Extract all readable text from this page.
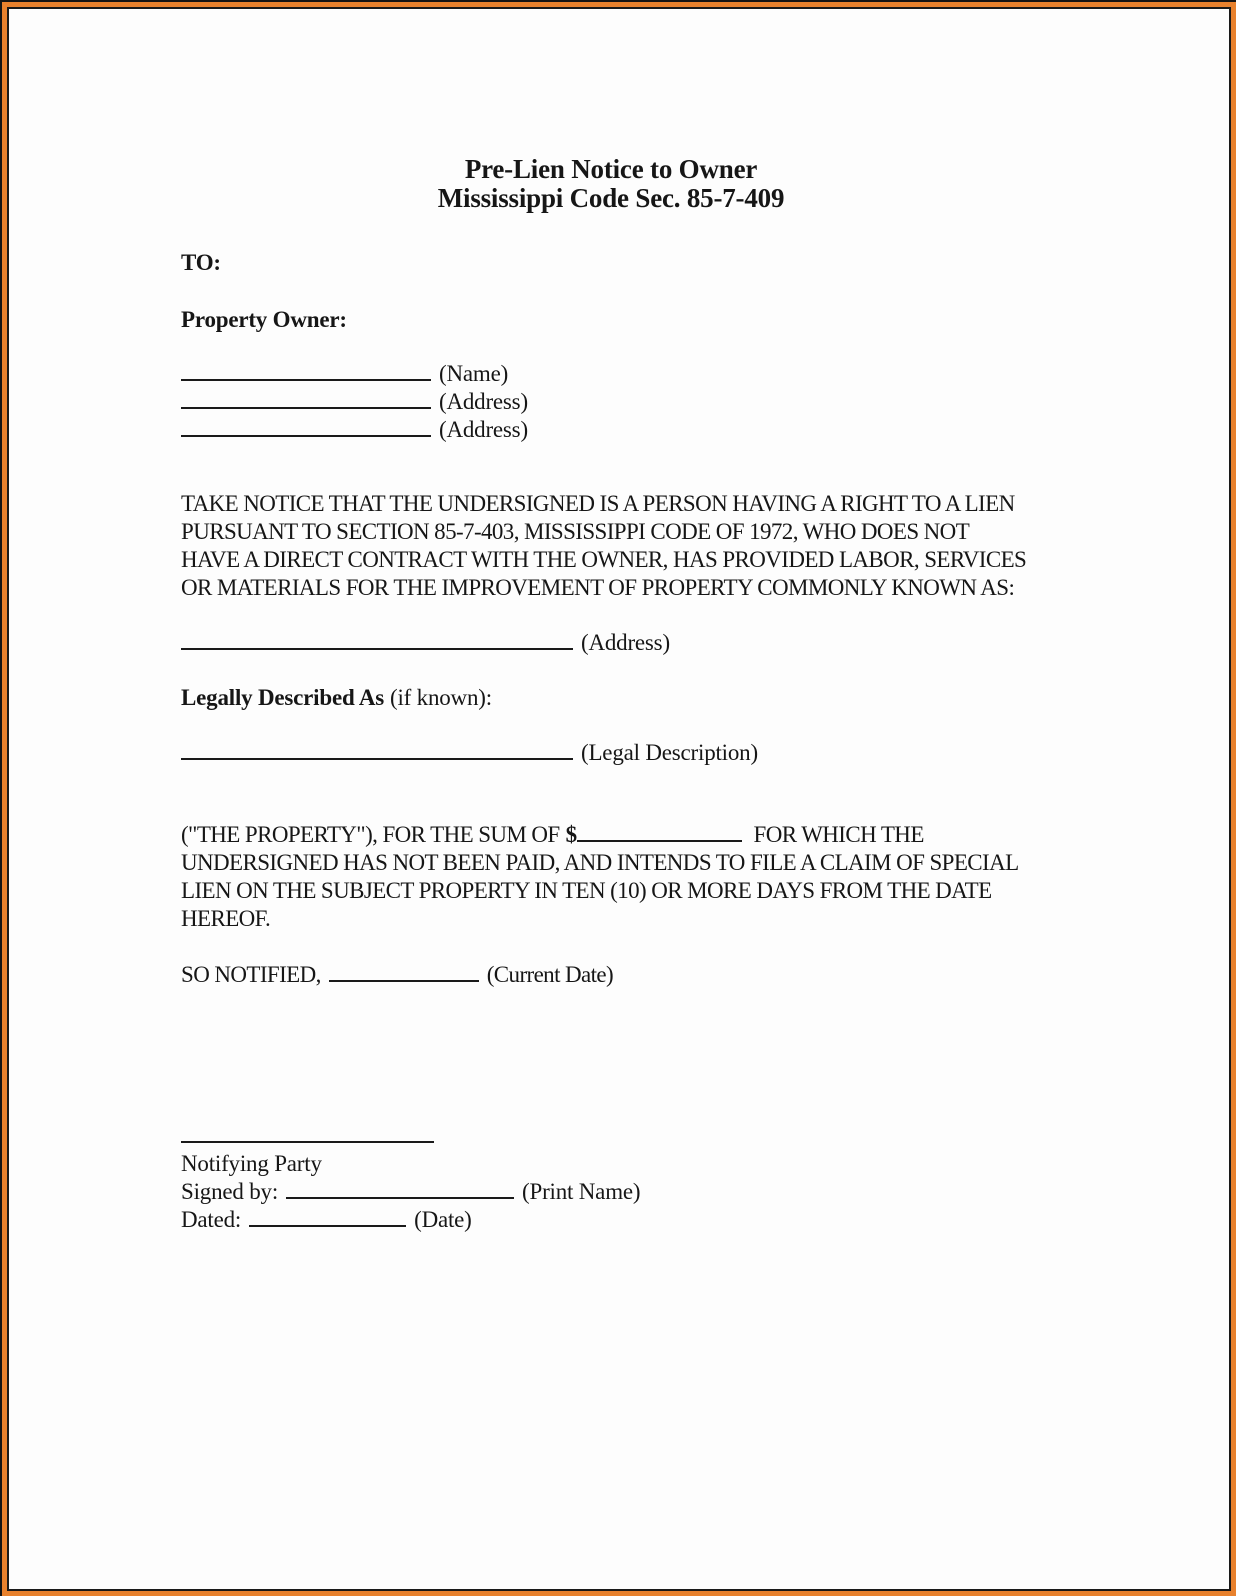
Pre-Lien Notice to Owner
Mississippi Code Sec. 85-7-409
TO:
Property Owner:
(Name)
(Address)
(Address)
TAKE NOTICE THAT THE UNDERSIGNED IS A PERSON HAVING A RIGHT TO A LIEN
PURSUANT TO SECTION 85-7-403, MISSISSIPPI CODE OF 1972, WHO DOES NOT
HAVE A DIRECT CONTRACT WITH THE OWNER, HAS PROVIDED LABOR, SERVICES
OR MATERIALS FOR THE IMPROVEMENT OF PROPERTY COMMONLY KNOWN AS:
(Address)
Legally Described As (if known):
(Legal Description)
("THE PROPERTY"), FOR THE SUM OF $	FOR WHICH THE
UNDERSIGNED HAS NOT BEEN PAID, AND INTENDS TO FILE A CLAIM OF SPECIAL
LIEN ON THE SUBJECT PROPERTY IN TEN (10) OR MORE DAYS FROM THE DATE
HEREOF.
SO NOTIFIED,	(Current Date)
Notifying Party
Signed by:	(Print Name)
Dated:	(Date)
